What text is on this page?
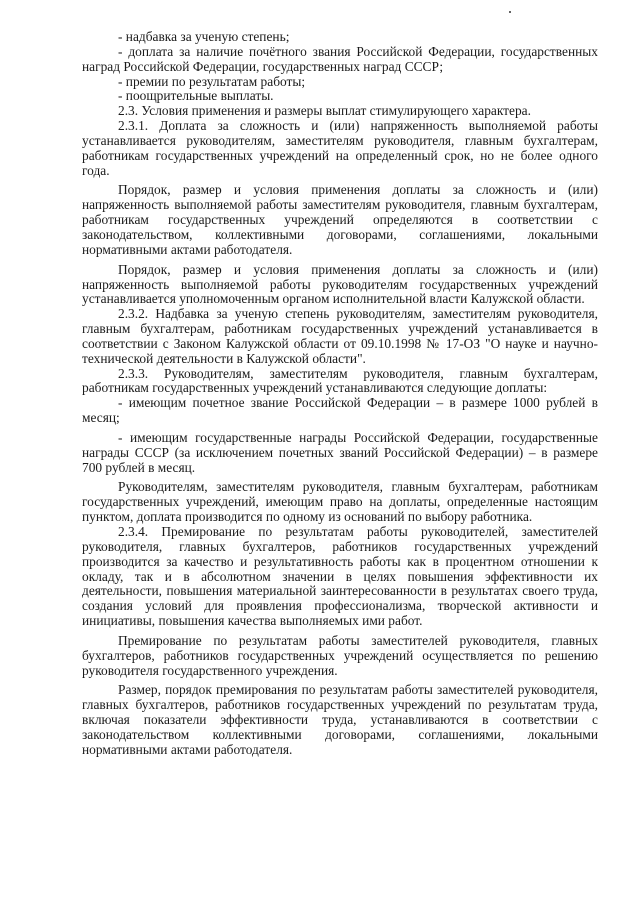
- надбавка за ученую степень;

- доплата за наличие почётного звания Российской Федерации, государственных наград Российской Федерации, государственных наград СССР;

- премии по результатам работы;

- поощрительные выплаты.

2.3. Условия применения и размеры выплат стимулирующего характера.

2.3.1. Доплата за сложность и (или) напряженность выполняемой работы устанавливается руководителям, заместителям руководителя, главным бухгалтерам, работникам государственных учреждений на определенный срок, но не более одного года.

Порядок, размер и условия применения доплаты за сложность и (или) напряженность выполняемой работы заместителям руководителя, главным бухгалтерам, работникам государственных учреждений определяются в соответствии с законодательством, коллективными договорами, соглашениями, локальными нормативными актами работодателя.

Порядок, размер и условия применения доплаты за сложность и (или) напряженность выполняемой работы руководителям государственных учреждений устанавливается уполномоченным органом исполнительной власти Калужской области.

2.3.2. Надбавка за ученую степень руководителям, заместителям руководителя, главным бухгалтерам, работникам государственных учреждений устанавливается в соответствии с Законом Калужской области от 09.10.1998 № 17-ОЗ "О науке и научно-технической деятельности в Калужской области".

2.3.3. Руководителям, заместителям руководителя, главным бухгалтерам, работникам государственных учреждений устанавливаются следующие доплаты:

- имеющим почетное звание Российской Федерации – в размере 1000 рублей в месяц;

- имеющим государственные награды Российской Федерации, государственные награды СССР (за исключением почетных званий Российской Федерации) – в размере 700 рублей в месяц.

Руководителям, заместителям руководителя, главным бухгалтерам, работникам государственных учреждений, имеющим право на доплаты, определенные настоящим пунктом, доплата производится по одному из оснований по выбору работника.

2.3.4. Премирование по результатам работы руководителей, заместителей руководителя, главных бухгалтеров, работников государственных учреждений производится за качество и результативность работы как в процентном отношении к окладу, так и в абсолютном значении в целях повышения эффективности их деятельности, повышения материальной заинтересованности в результатах своего труда, создания условий для проявления профессионализма, творческой активности и инициативы, повышения качества выполняемых ими работ.

Премирование по результатам работы заместителей руководителя, главных бухгалтеров, работников государственных учреждений осуществляется по решению руководителя государственного учреждения.

Размер, порядок премирования по результатам работы заместителей руководителя, главных бухгалтеров, работников государственных учреждений по результатам труда, включая показатели эффективности труда, устанавливаются в соответствии с законодательством коллективными договорами, соглашениями, локальными нормативными актами работодателя.
